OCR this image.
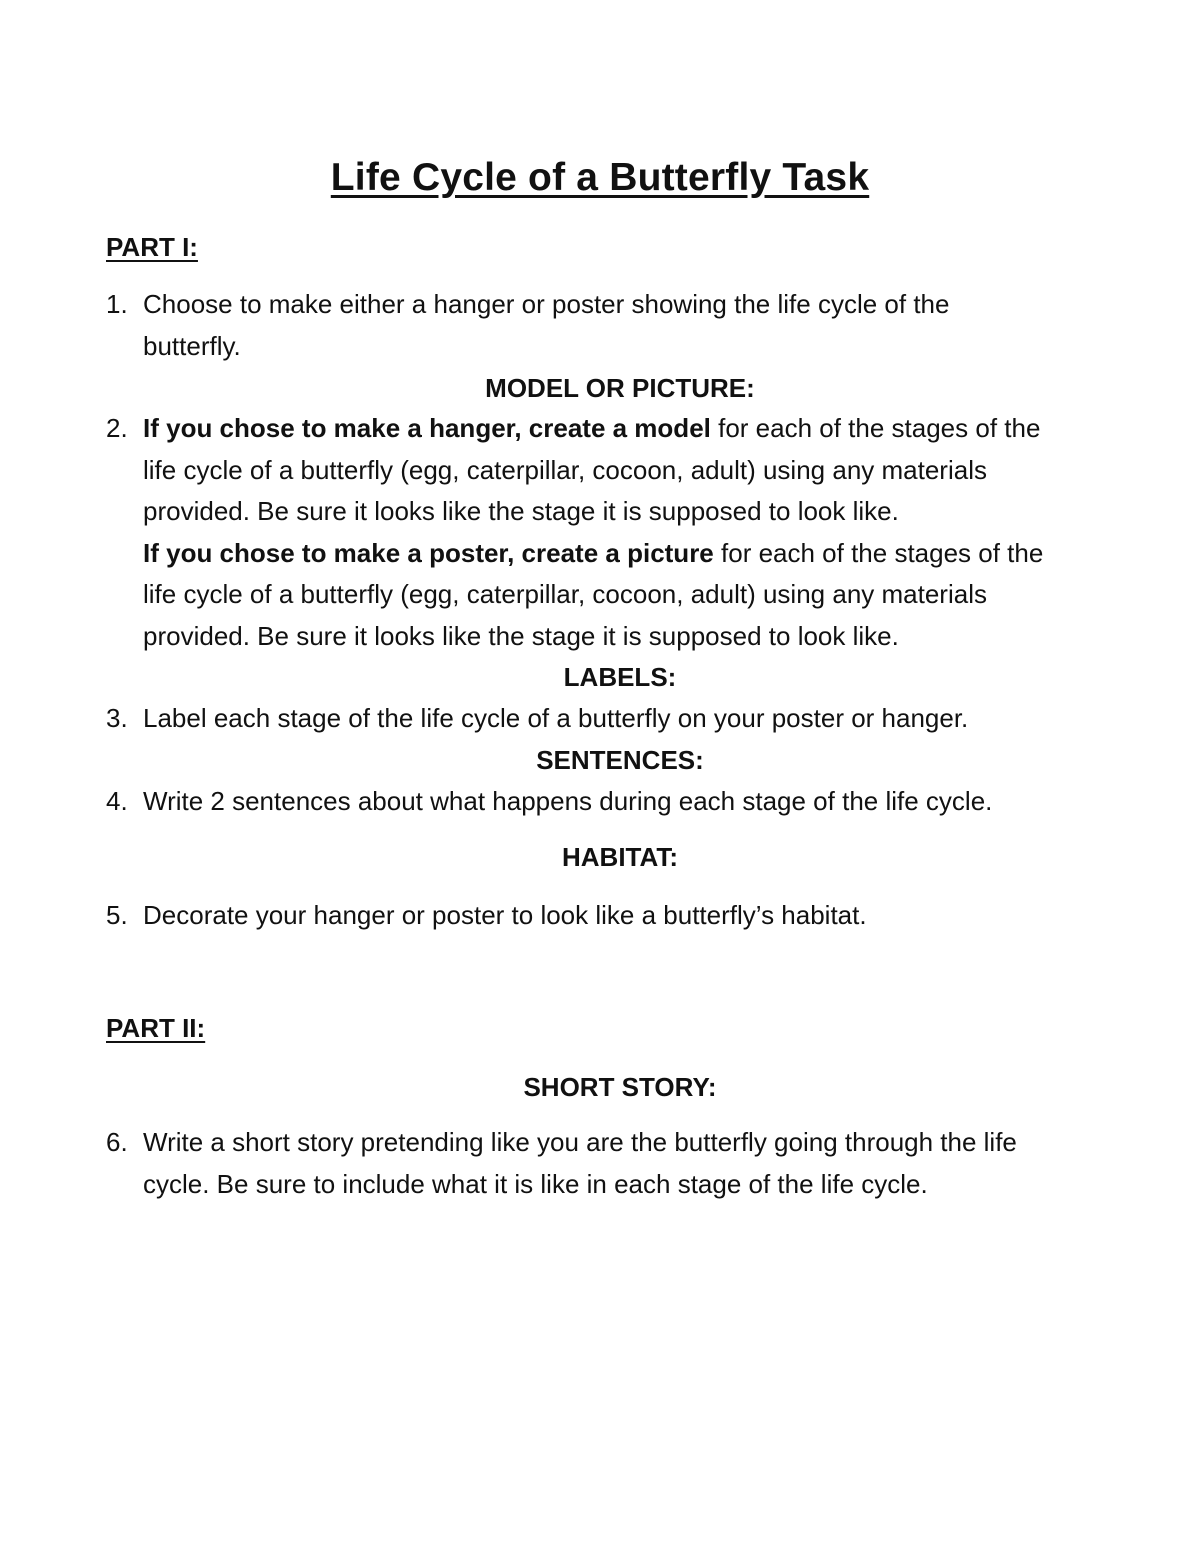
Life Cycle of a Butterfly Task
PART I:
1. Choose to make either a hanger or poster showing the life cycle of the
butterfly.
MODEL OR PICTURE:
2. If you chose to make a hanger, create a model for each of the stages of the
life cycle of a butterfly (egg, caterpillar, cocoon, adult) using any materials
provided. Be sure it looks like the stage it is supposed to look like.
If you chose to make a poster, create a picture for each of the stages of the
life cycle of a butterfly (egg, caterpillar, cocoon, adult) using any materials
provided. Be sure it looks like the stage it is supposed to look like.
LABELS:
3. Label each stage of the life cycle of a butterfly on your poster or hanger.
SENTENCES:
4. Write 2 sentences about what happens during each stage of the life cycle.
HABITAT:
5. Decorate your hanger or poster to look like a butterfly’s habitat.
PART II:
SHORT STORY:
6. Write a short story pretending like you are the butterfly going through the life
cycle. Be sure to include what it is like in each stage of the life cycle.
